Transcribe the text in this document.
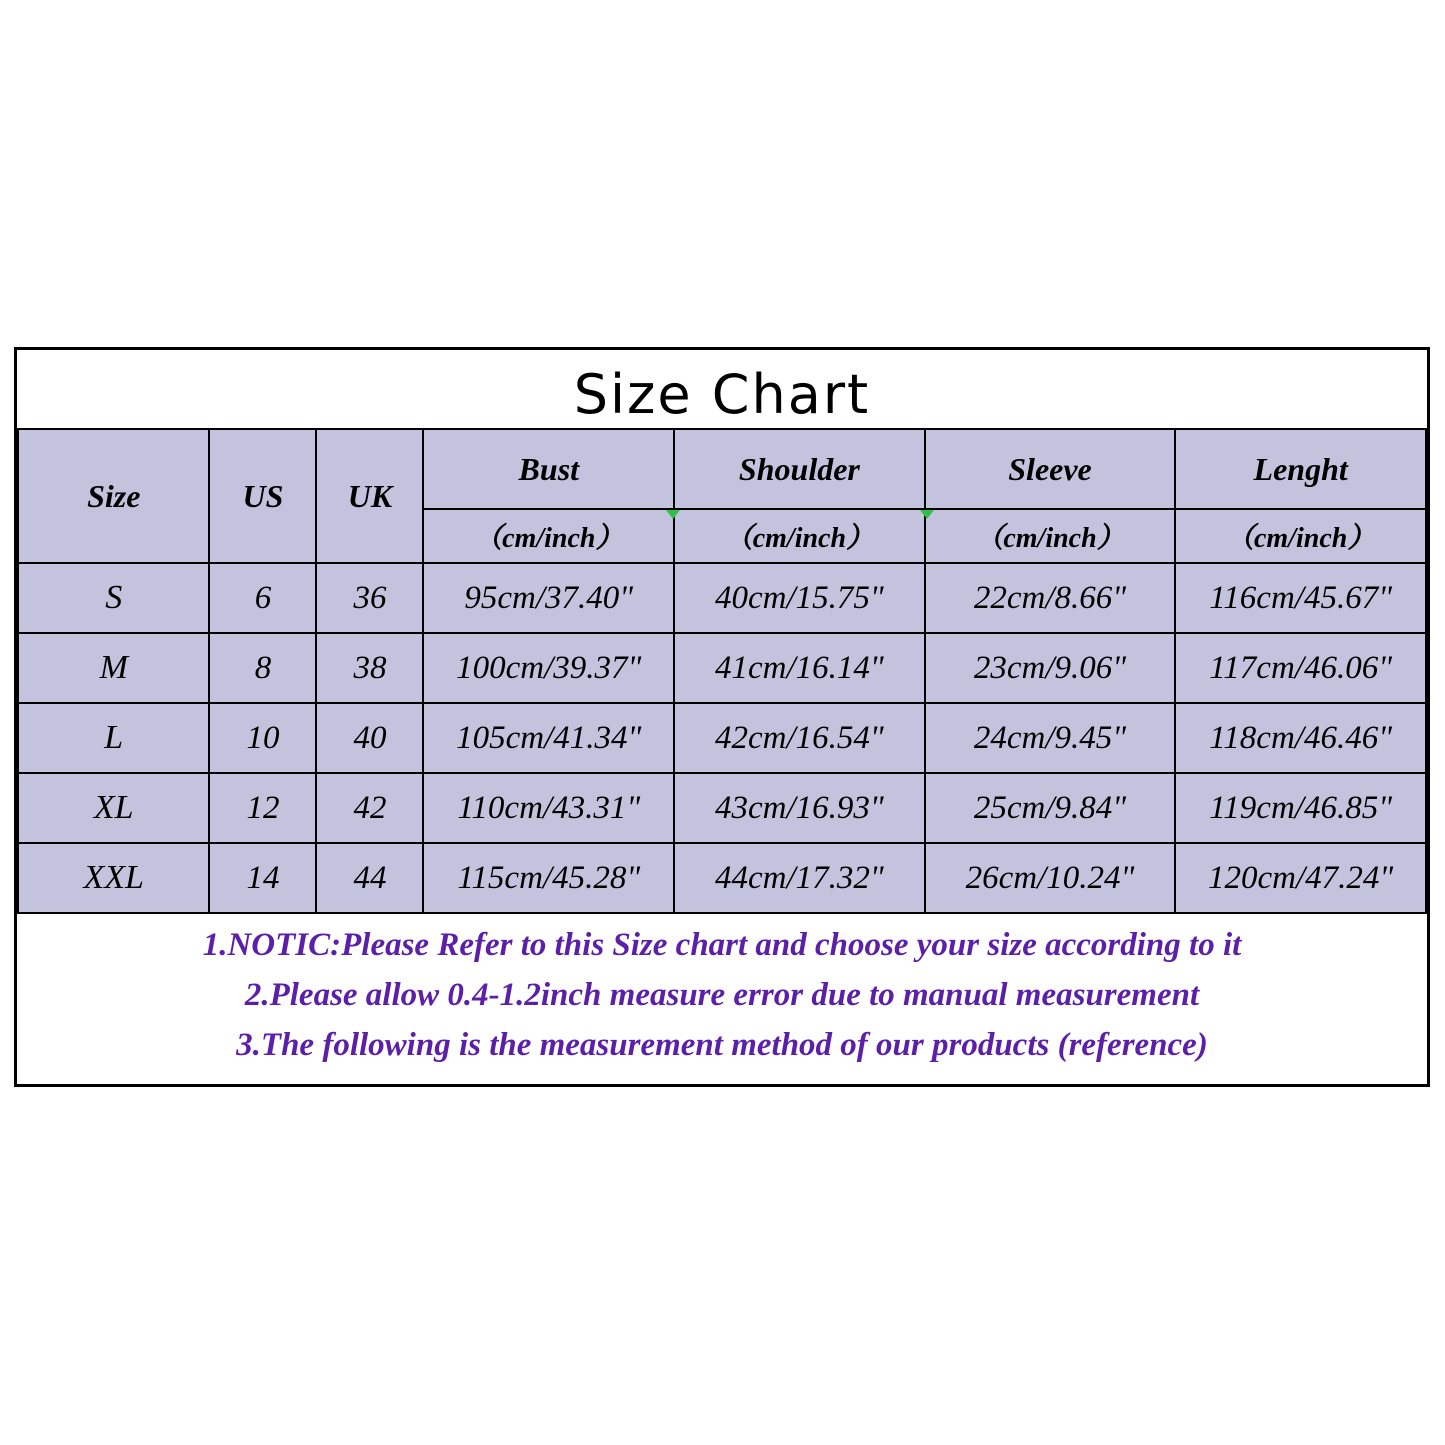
Size Chart
Size	US	UK	Bust	Shoulder	Sleeve	Lenght
			（cm/inch）	（cm/inch）	（cm/inch）	（cm/inch）
S	6	36	95cm/37.40"	40cm/15.75"	22cm/8.66"	116cm/45.67"
M	8	38	100cm/39.37"	41cm/16.14"	23cm/9.06"	117cm/46.06"
L	10	40	105cm/41.34"	42cm/16.54"	24cm/9.45"	118cm/46.46"
XL	12	42	110cm/43.31"	43cm/16.93"	25cm/9.84"	119cm/46.85"
XXL	14	44	115cm/45.28"	44cm/17.32"	26cm/10.24"	120cm/47.24"
1.NOTIC:Please Refer to this Size chart and choose your size according to it
2.Please allow 0.4-1.2inch measure error due to manual measurement
3.The following is the measurement method of our products (reference)
